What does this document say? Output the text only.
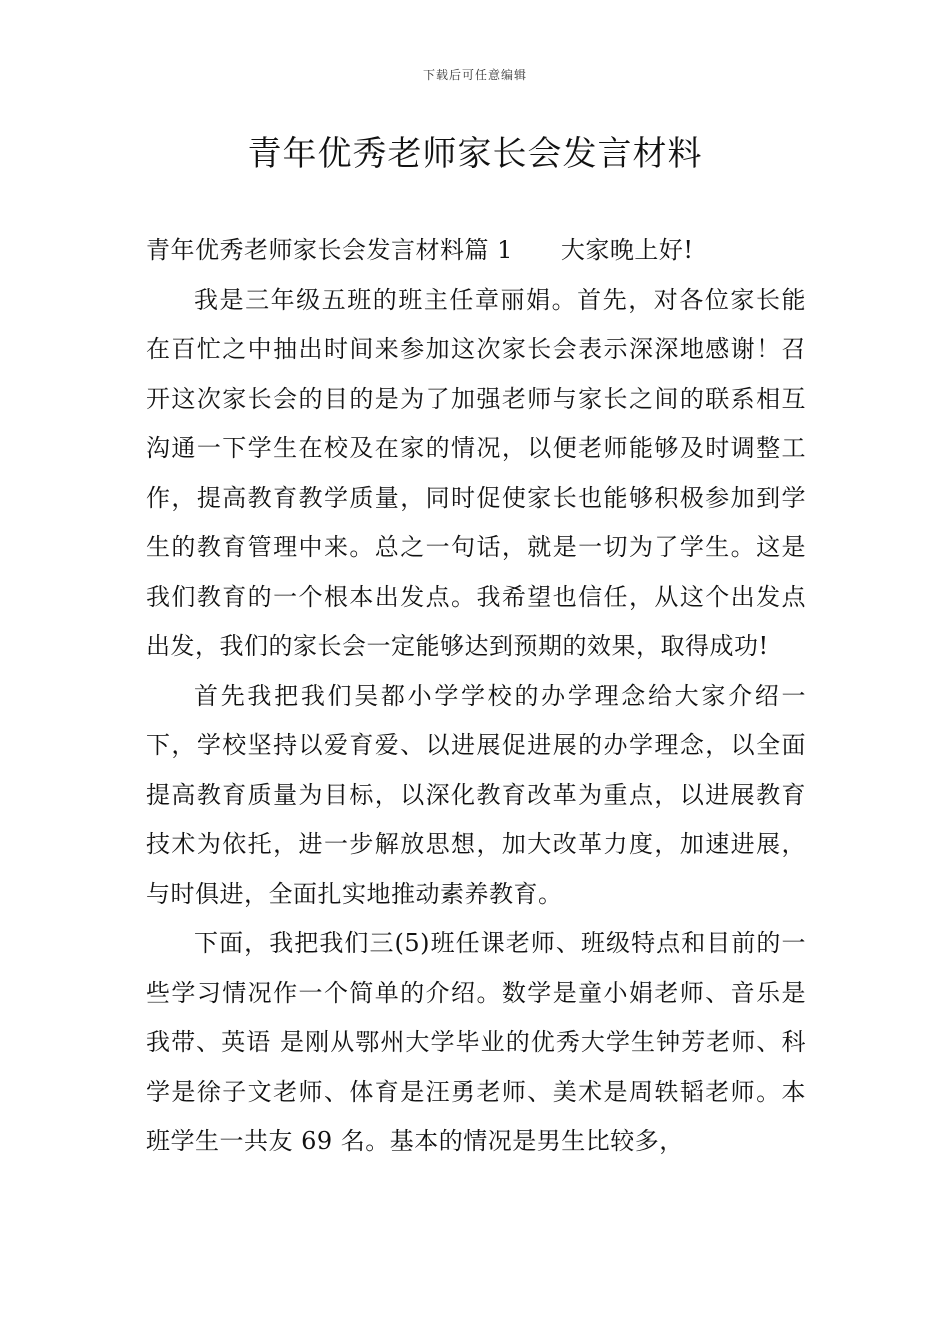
下载后可任意编辑
青年优秀老师家长会发言材料

青年优秀老师家长会发言材料篇 1 大家晚上好!

我是三年级五班的班主任章丽娟。首先，对各位家长能在百忙之中抽出时间来参加这次家长会表示深深地感谢！召开这次家长会的目的是为了加强老师与家长之间的联系相互沟通一下学生在校及在家的情况，以便老师能够及时调整工作，提高教育教学质量，同时促使家长也能够积极参加到学生的教育管理中来。总之一句话，就是一切为了学生。这是我们教育的一个根本出发点。我希望也信任，从这个出发点出发，我们的家长会一定能够达到预期的效果，取得成功!

首先我把我们吴都小学学校的办学理念给大家介绍一下，学校坚持以爱育爱、以进展促进展的办学理念，以全面提高教育质量为目标，以深化教育改革为重点，以进展教育技术为依托，进一步解放思想，加大改革力度，加速进展，与时俱进，全面扎实地推动素养教育。

下面，我把我们三(5)班任课老师、班级特点和目前的一些学习情况作一个简单的介绍。数学是童小娟老师、音乐是我带、英语 是刚从鄂州大学毕业的优秀大学生钟芳老师、科学是徐子文老师、体育是汪勇老师、美术是周轶韬老师。本班学生一共友 69 名。基本的情况是男生比较多，
